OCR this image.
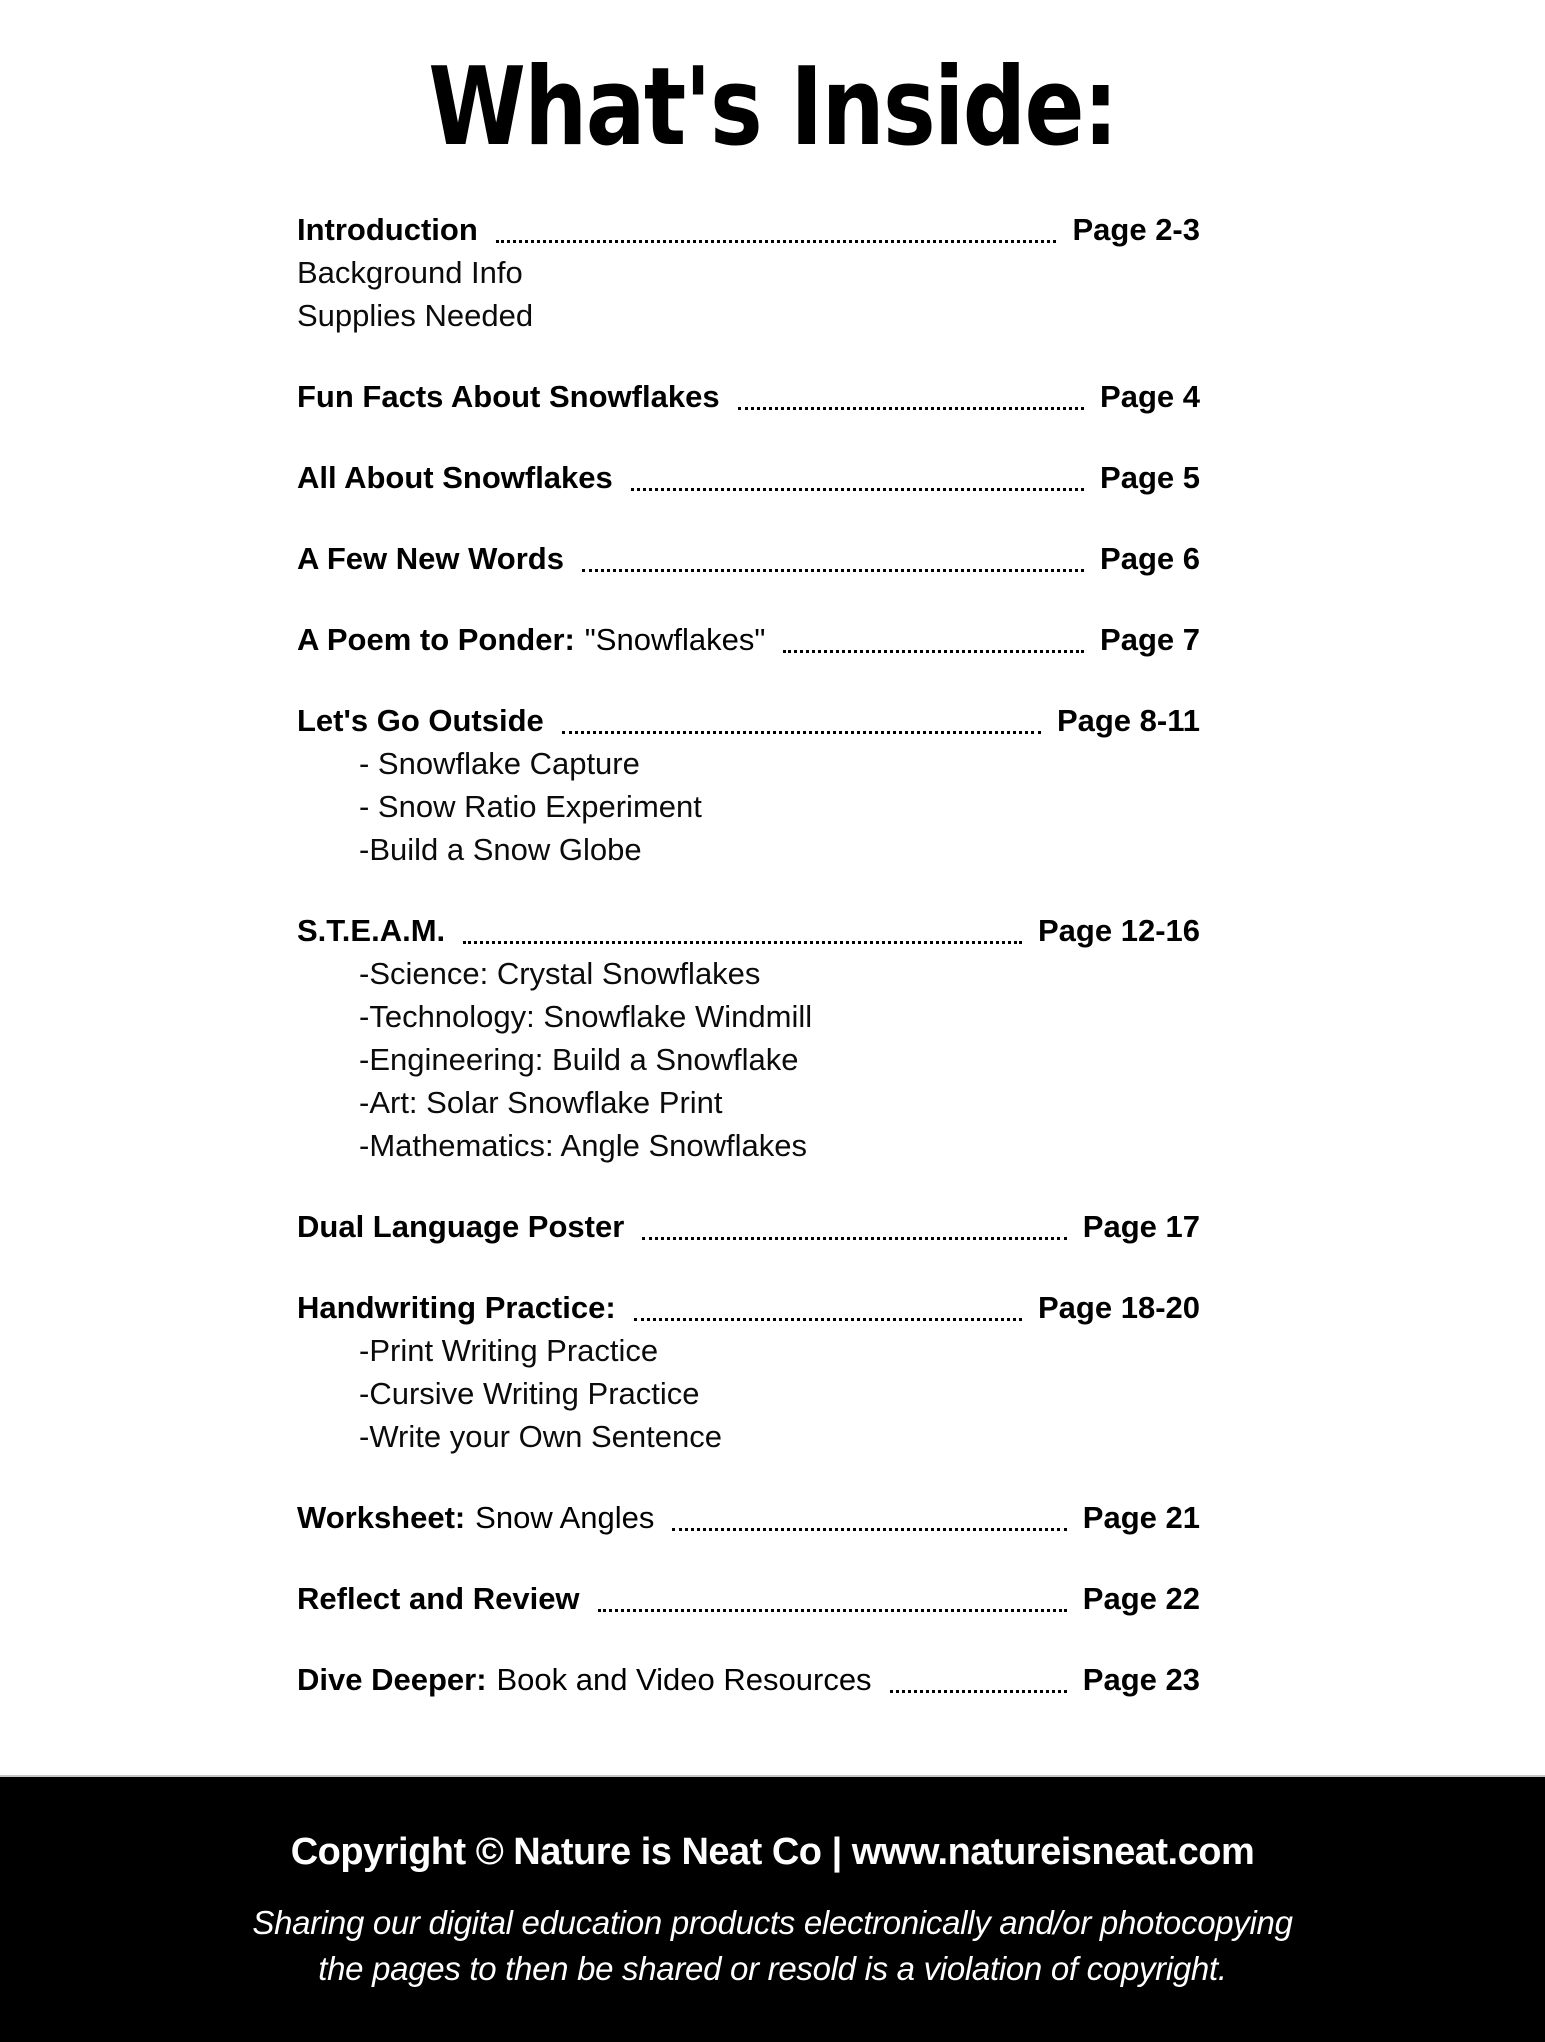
What's Inside:
Introduction	Page 2-3
Background Info
Supplies Needed
Fun Facts About Snowflakes	Page 4
All About Snowflakes	Page 5
A Few New Words	Page 6
A Poem to Ponder: "Snowflakes"	Page 7
Let's Go Outside	Page 8-11
- Snowflake Capture
- Snow Ratio Experiment
-Build a Snow Globe
S.T.E.A.M.	Page 12-16
-Science: Crystal Snowflakes
-Technology: Snowflake Windmill
-Engineering: Build a Snowflake
-Art: Solar Snowflake Print
-Mathematics: Angle Snowflakes
Dual Language Poster	Page 17
Handwriting Practice:	Page 18-20
-Print Writing Practice
-Cursive Writing Practice
-Write your Own Sentence
Worksheet: Snow Angles	Page 21
Reflect and Review	Page 22
Dive Deeper: Book and Video Resources	Page 23
Copyright © Nature is Neat Co | www.natureisneat.com
Sharing our digital education products electronically and/or photocopying
the pages to then be shared or resold is a violation of copyright.
